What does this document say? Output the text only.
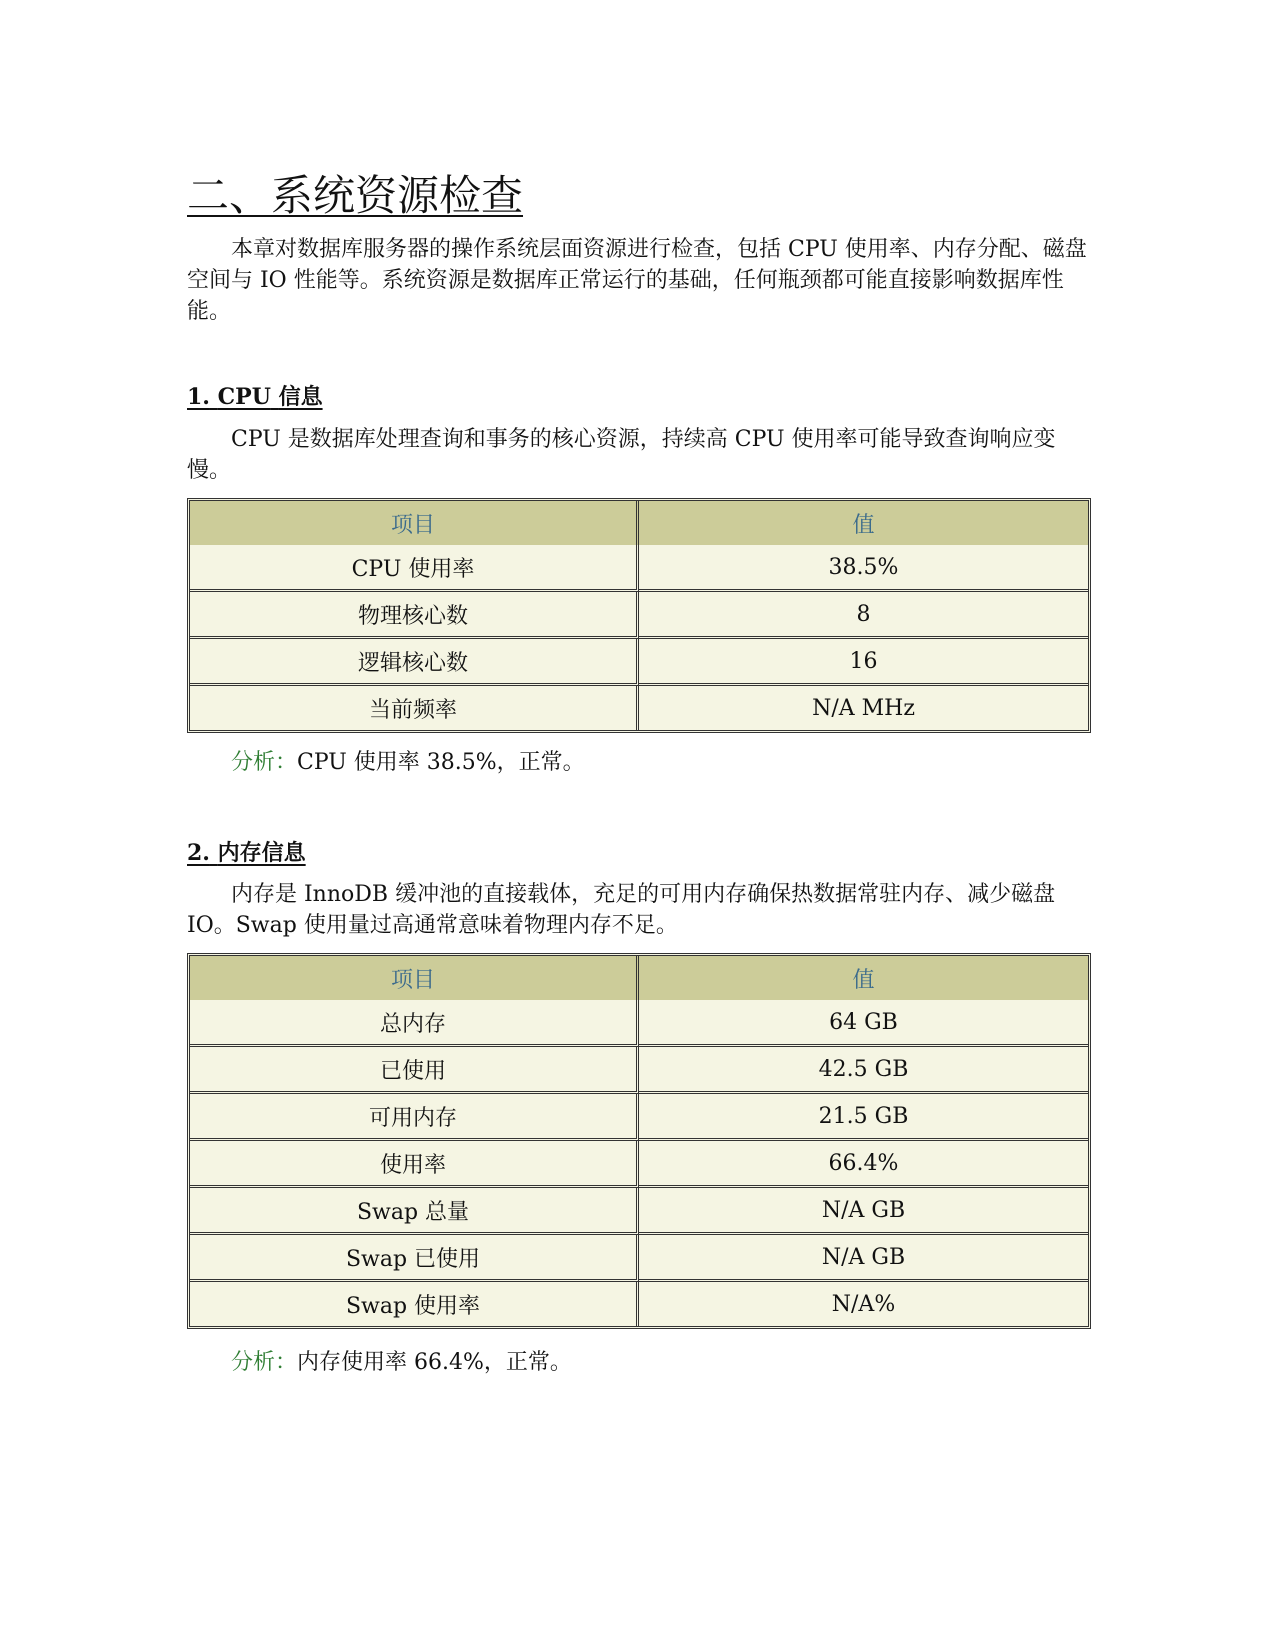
二、系统资源检查

本章对数据库服务器的操作系统层面资源进行检查，包括 CPU 使用率、内存分配、磁盘空间与 IO 性能等。系统资源是数据库正常运行的基础，任何瓶颈都可能直接影响数据库性能。

1. CPU 信息

CPU 是数据库处理查询和事务的核心资源，持续高 CPU 使用率可能导致查询响应变慢。

项目	值
CPU 使用率	38.5%
物理核心数	8
逻辑核心数	16
当前频率	N/A MHz

分析：CPU 使用率 38.5%，正常。

2. 内存信息

内存是 InnoDB 缓冲池的直接载体，充足的可用内存确保热数据常驻内存、减少磁盘 IO。Swap 使用量过高通常意味着物理内存不足。

项目	值
总内存	64 GB
已使用	42.5 GB
可用内存	21.5 GB
使用率	66.4%
Swap 总量	N/A GB
Swap 已使用	N/A GB
Swap 使用率	N/A%

分析：内存使用率 66.4%，正常。
